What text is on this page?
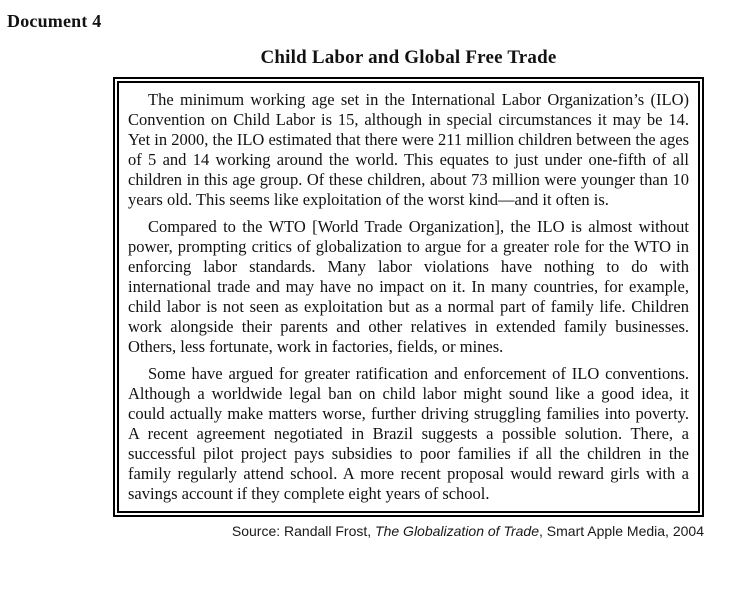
Document 4
Child Labor and Global Free Trade

The minimum working age set in the International Labor Organization’s (ILO) Convention on Child Labor is 15, although in special circumstances it may be 14. Yet in 2000, the ILO estimated that there were 211 million children between the ages of 5 and 14 working around the world. This equates to just under one-fifth of all children in this age group. Of these children, about 73 million were younger than 10 years old. This seems like exploitation of the worst kind—and it often is.

Compared to the WTO [World Trade Organization], the ILO is almost without power, prompting critics of globalization to argue for a greater role for the WTO in enforcing labor standards. Many labor violations have nothing to do with international trade and may have no impact on it. In many countries, for example, child labor is not seen as exploitation but as a normal part of family life. Children work alongside their parents and other relatives in extended family businesses. Others, less fortunate, work in factories, fields, or mines.

Some have argued for greater ratification and enforcement of ILO conventions. Although a worldwide legal ban on child labor might sound like a good idea, it could actually make matters worse, further driving struggling families into poverty. A recent agreement negotiated in Brazil suggests a possible solution. There, a successful pilot project pays subsidies to poor families if all the children in the family regularly attend school. A more recent proposal would reward girls with a savings account if they complete eight years of school.

Source: Randall Frost, The Globalization of Trade, Smart Apple Media, 2004
